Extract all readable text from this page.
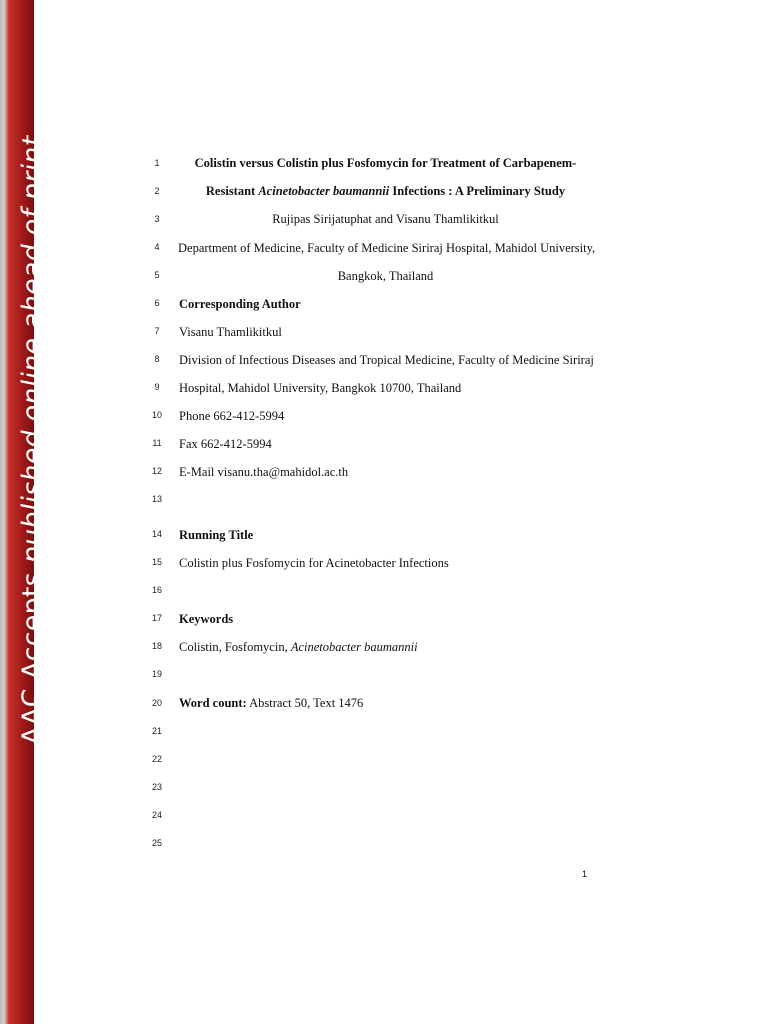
AAC Accepts published online ahead of print	1
2
3
4
5
6
7
8
9
10
11
12
13
14
15
16
17
18
19
20
21
22
23
24
25
Colistin versus Colistin plus Fosfomycin for Treatment of Carbapenem-
Resistant Acinetobacter baumannii Infections : A Preliminary Study
Rujipas Sirijatuphat and Visanu Thamlikitkul
Department of Medicine, Faculty of Medicine Siriraj Hospital, Mahidol University,
Bangkok, Thailand
Corresponding Author
Visanu Thamlikitkul
Division of Infectious Diseases and Tropical Medicine, Faculty of Medicine Siriraj
Hospital, Mahidol University, Bangkok 10700, Thailand
Phone 662-412-5994
Fax 662-412-5994
E-Mail visanu.tha@mahidol.ac.th
Running Title
Colistin plus Fosfomycin for Acinetobacter Infections
Keywords
Colistin, Fosfomycin, Acinetobacter baumannii
Word count: Abstract 50, Text 1476
1
